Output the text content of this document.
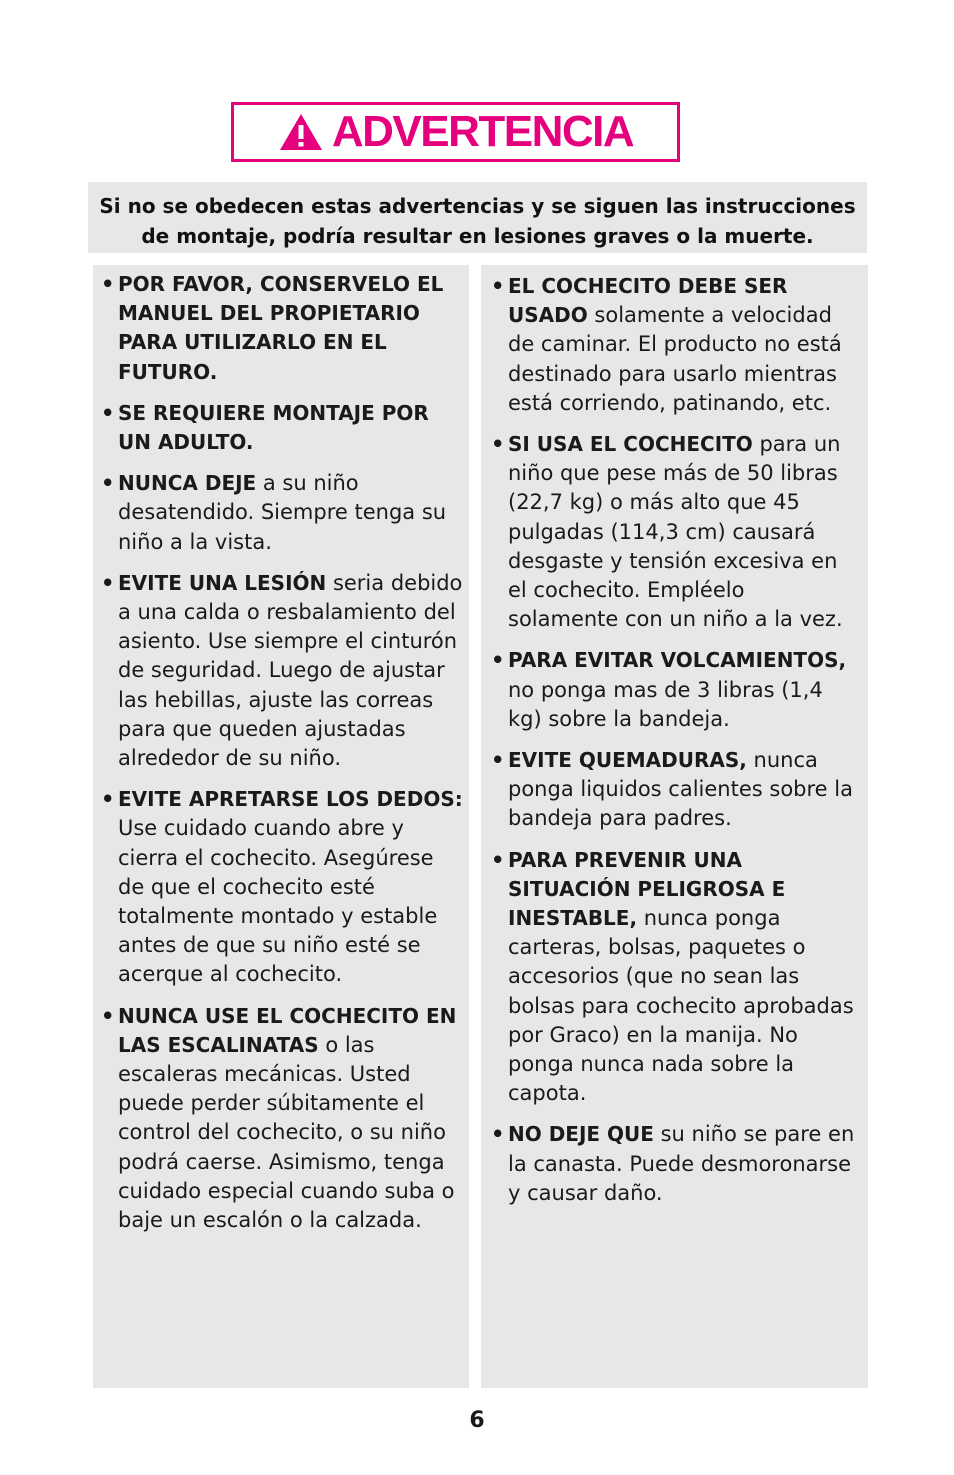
ADVERTENCIA
Si no se obedecen estas advertencias y se siguen las instrucciones
de montaje, podría resultar en lesiones graves o la muerte.
• POR FAVOR, CONSERVELO EL MANUEL DEL PROPIETARIO PARA UTILIZARLO EN EL FUTURO.
• SE REQUIERE MONTAJE POR UN ADULTO.
• NUNCA DEJE a su niño desatendido. Siempre tenga su niño a la vista.
• EVITE UNA LESIÓN seria debido a una calda o resbalamiento del asiento. Use siempre el cinturón de seguridad. Luego de ajustar las hebillas, ajuste las correas para que queden ajustadas alrededor de su niño.
• EVITE APRETARSE LOS DEDOS: Use cuidado cuando abre y cierra el cochecito. Asegúrese de que el cochecito esté totalmente montado y estable antes de que su niño esté se acerque al cochecito.
• NUNCA USE EL COCHECITO EN LAS ESCALINATAS o las escaleras mecánicas. Usted puede perder súbitamente el control del cochecito, o su niño podrá caerse. Asimismo, tenga cuidado especial cuando suba o baje un escalón o la calzada.
• EL COCHECITO DEBE SER USADO solamente a velocidad de caminar. El producto no está destinado para usarlo mientras está corriendo, patinando, etc.
• SI USA EL COCHECITO para un niño que pese más de 50 libras (22,7 kg) o más alto que 45 pulgadas (114,3 cm) causará desgaste y tensión excesiva en el cochecito. Empléelo solamente con un niño a la vez.
• PARA EVITAR VOLCAMIENTOS, no ponga mas de 3 libras (1,4 kg) sobre la bandeja.
• EVITE QUEMADURAS, nunca ponga liquidos calientes sobre la bandeja para padres.
• PARA PREVENIR UNA SITUACIÓN PELIGROSA E INESTABLE, nunca ponga carteras, bolsas, paquetes o accesorios (que no sean las bolsas para cochecito aprobadas por Graco) en la manija. No ponga nunca nada sobre la capota.
• NO DEJE QUE su niño se pare en la canasta. Puede desmoronarse y causar daño.
6
